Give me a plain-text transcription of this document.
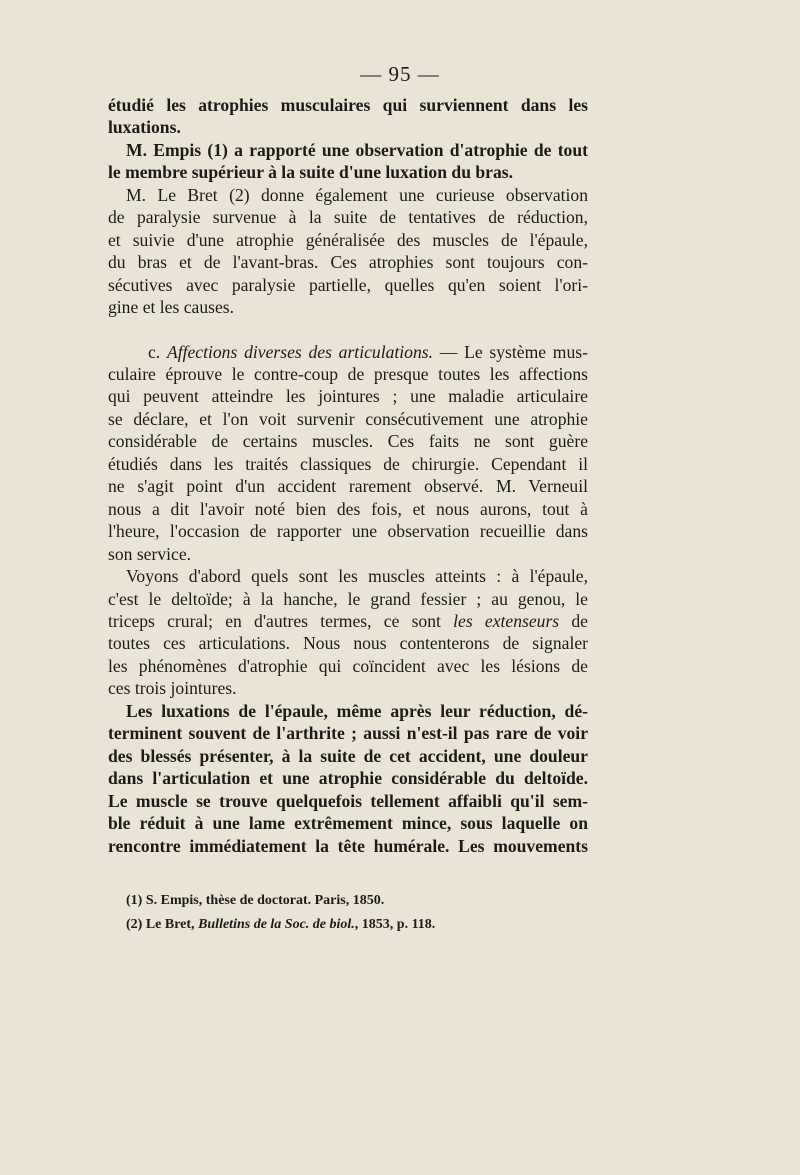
— 95 —
étudié les atrophies musculaires qui surviennent dans les
luxations.
M. Empis (1) a rapporté une observation d'atrophie de tout
le membre supérieur à la suite d'une luxation du bras.
M. Le Bret (2) donne également une curieuse observation
de paralysie survenue à la suite de tentatives de réduction,
et suivie d'une atrophie généralisée des muscles de l'épaule,
du bras et de l'avant-bras. Ces atrophies sont toujours con-
sécutives avec paralysie partielle, quelles qu'en soient l'ori-
gine et les causes.
c. Affections diverses des articulations. — Le système mus-
culaire éprouve le contre-coup de presque toutes les affections
qui peuvent atteindre les jointures ; une maladie articulaire
se déclare, et l'on voit survenir consécutivement une atrophie
considérable de certains muscles. Ces faits ne sont guère
étudiés dans les traités classiques de chirurgie. Cependant il
ne s'agit point d'un accident rarement observé. M. Verneuil
nous a dit l'avoir noté bien des fois, et nous aurons, tout à
l'heure, l'occasion de rapporter une observation recueillie dans
son service.
Voyons d'abord quels sont les muscles atteints : à l'épaule,
c'est le deltoïde; à la hanche, le grand fessier ; au genou, le
triceps crural; en d'autres termes, ce sont les extenseurs de
toutes ces articulations. Nous nous contenterons de signaler
les phénomènes d'atrophie qui coïncident avec les lésions de
ces trois jointures.
Les luxations de l'épaule, même après leur réduction, dé-
terminent souvent de l'arthrite ; aussi n'est-il pas rare de voir
des blessés présenter, à la suite de cet accident, une douleur
dans l'articulation et une atrophie considérable du deltoïde.
Le muscle se trouve quelquefois tellement affaibli qu'il sem-
ble réduit à une lame extrêmement mince, sous laquelle on
rencontre immédiatement la tête humérale. Les mouvements
(1) S. Empis, thèse de doctorat. Paris, 1850.
(2) Le Bret, Bulletins de la Soc. de biol., 1853, p. 118.
